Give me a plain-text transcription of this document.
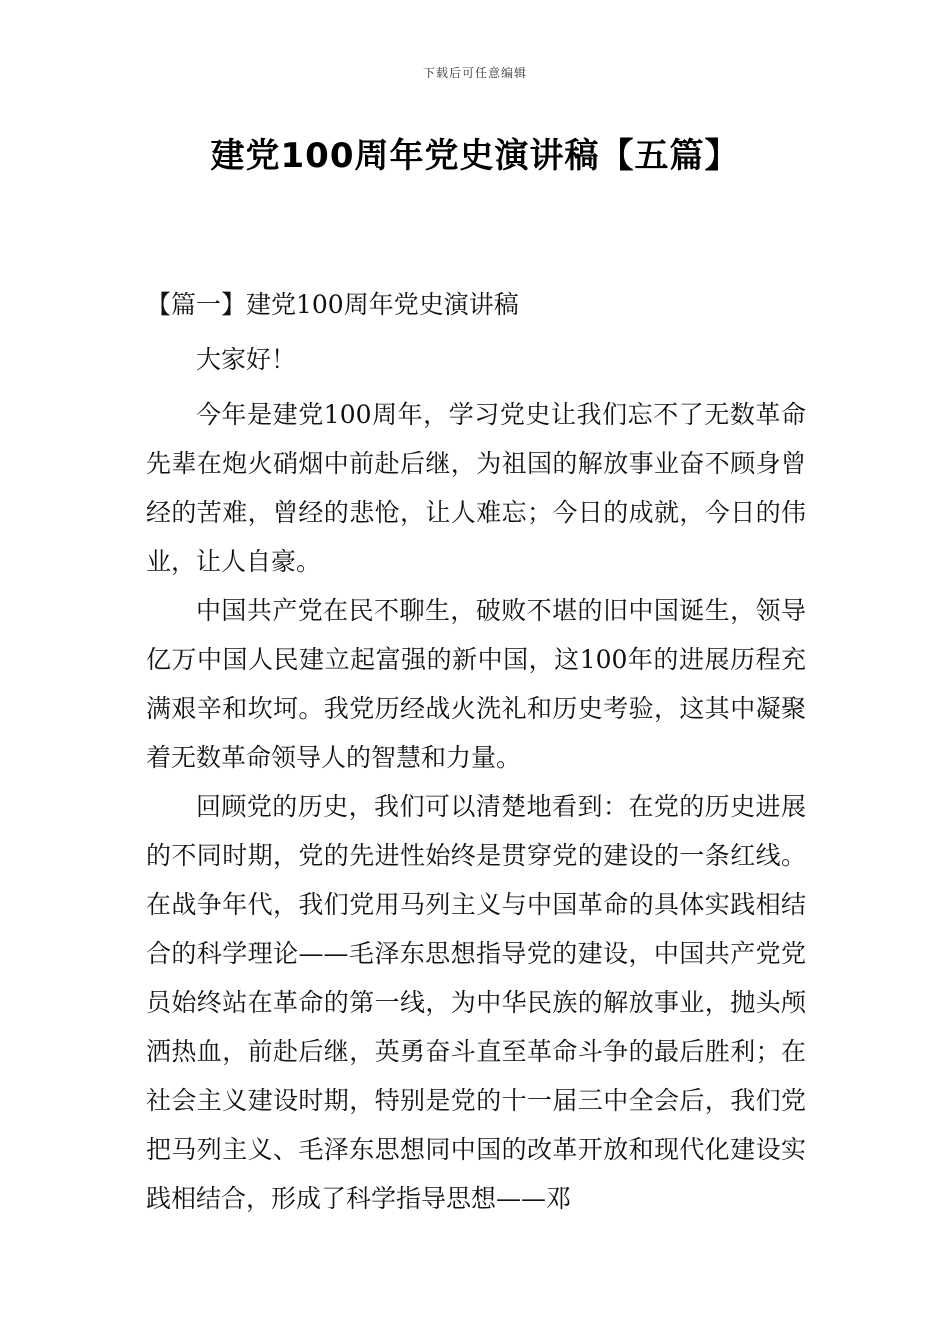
下载后可任意编辑
建党100周年党史演讲稿【五篇】
【篇一】建党100周年党史演讲稿

大家好！

今年是建党100周年，学习党史让我们忘不了无数革命先辈在炮火硝烟中前赴后继，为祖国的解放事业奋不顾身曾经的苦难，曾经的悲怆，让人难忘；今日的成就，今日的伟业，让人自豪。

中国共产党在民不聊生，破败不堪的旧中国诞生，领导亿万中国人民建立起富强的新中国，这100年的进展历程充满艰辛和坎坷。我党历经战火洗礼和历史考验，这其中凝聚着无数革命领导人的智慧和力量。

回顾党的历史，我们可以清楚地看到：在党的历史进展的不同时期，党的先进性始终是贯穿党的建设的一条红线。在战争年代，我们党用马列主义与中国革命的具体实践相结合的科学理论——毛泽东思想指导党的建设，中国共产党党员始终站在革命的第一线，为中华民族的解放事业，抛头颅洒热血，前赴后继，英勇奋斗直至革命斗争的最后胜利；在社会主义建设时期，特别是党的十一届三中全会后，我们党把马列主义、毛泽东思想同中国的改革开放和现代化建设实践相结合，形成了科学指导思想——邓
